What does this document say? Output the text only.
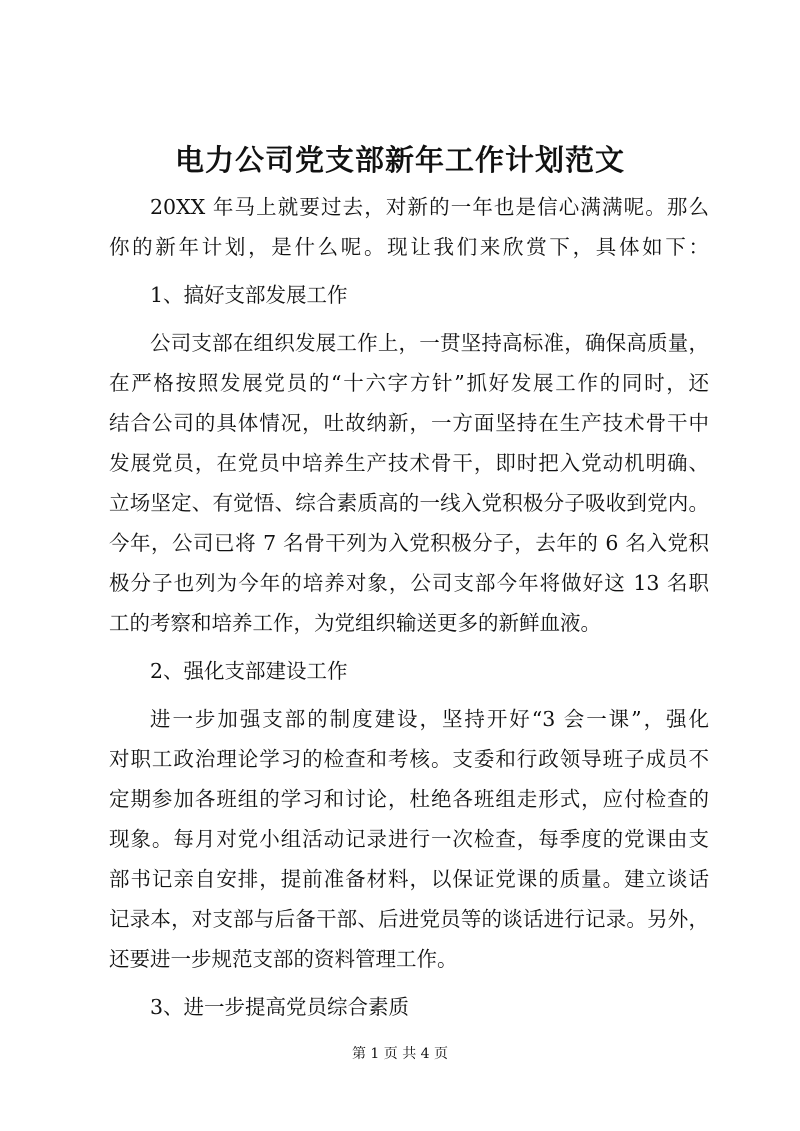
电力公司党支部新年工作计划范文
20XX 年马上就要过去，对新的一年也是信心满满呢。那么
你的新年计划，是什么呢。现让我们来欣赏下，具体如下：
1、搞好支部发展工作
公司支部在组织发展工作上，一贯坚持高标准，确保高质量，
在严格按照发展党员的“十六字方针”抓好发展工作的同时，还
结合公司的具体情况，吐故纳新，一方面坚持在生产技术骨干中
发展党员，在党员中培养生产技术骨干，即时把入党动机明确、
立场坚定、有觉悟、综合素质高的一线入党积极分子吸收到党内。
今年，公司已将 7 名骨干列为入党积极分子，去年的 6 名入党积
极分子也列为今年的培养对象，公司支部今年将做好这 13 名职
工的考察和培养工作，为党组织输送更多的新鲜血液。
2、强化支部建设工作
进一步加强支部的制度建设，坚持开好“3 会一课”，强化
对职工政治理论学习的检查和考核。支委和行政领导班子成员不
定期参加各班组的学习和讨论，杜绝各班组走形式，应付检查的
现象。每月对党小组活动记录进行一次检查，每季度的党课由支
部书记亲自安排，提前准备材料，以保证党课的质量。建立谈话
记录本，对支部与后备干部、后进党员等的谈话进行记录。另外，
还要进一步规范支部的资料管理工作。
3、进一步提高党员综合素质
第 1 页 共 4 页
